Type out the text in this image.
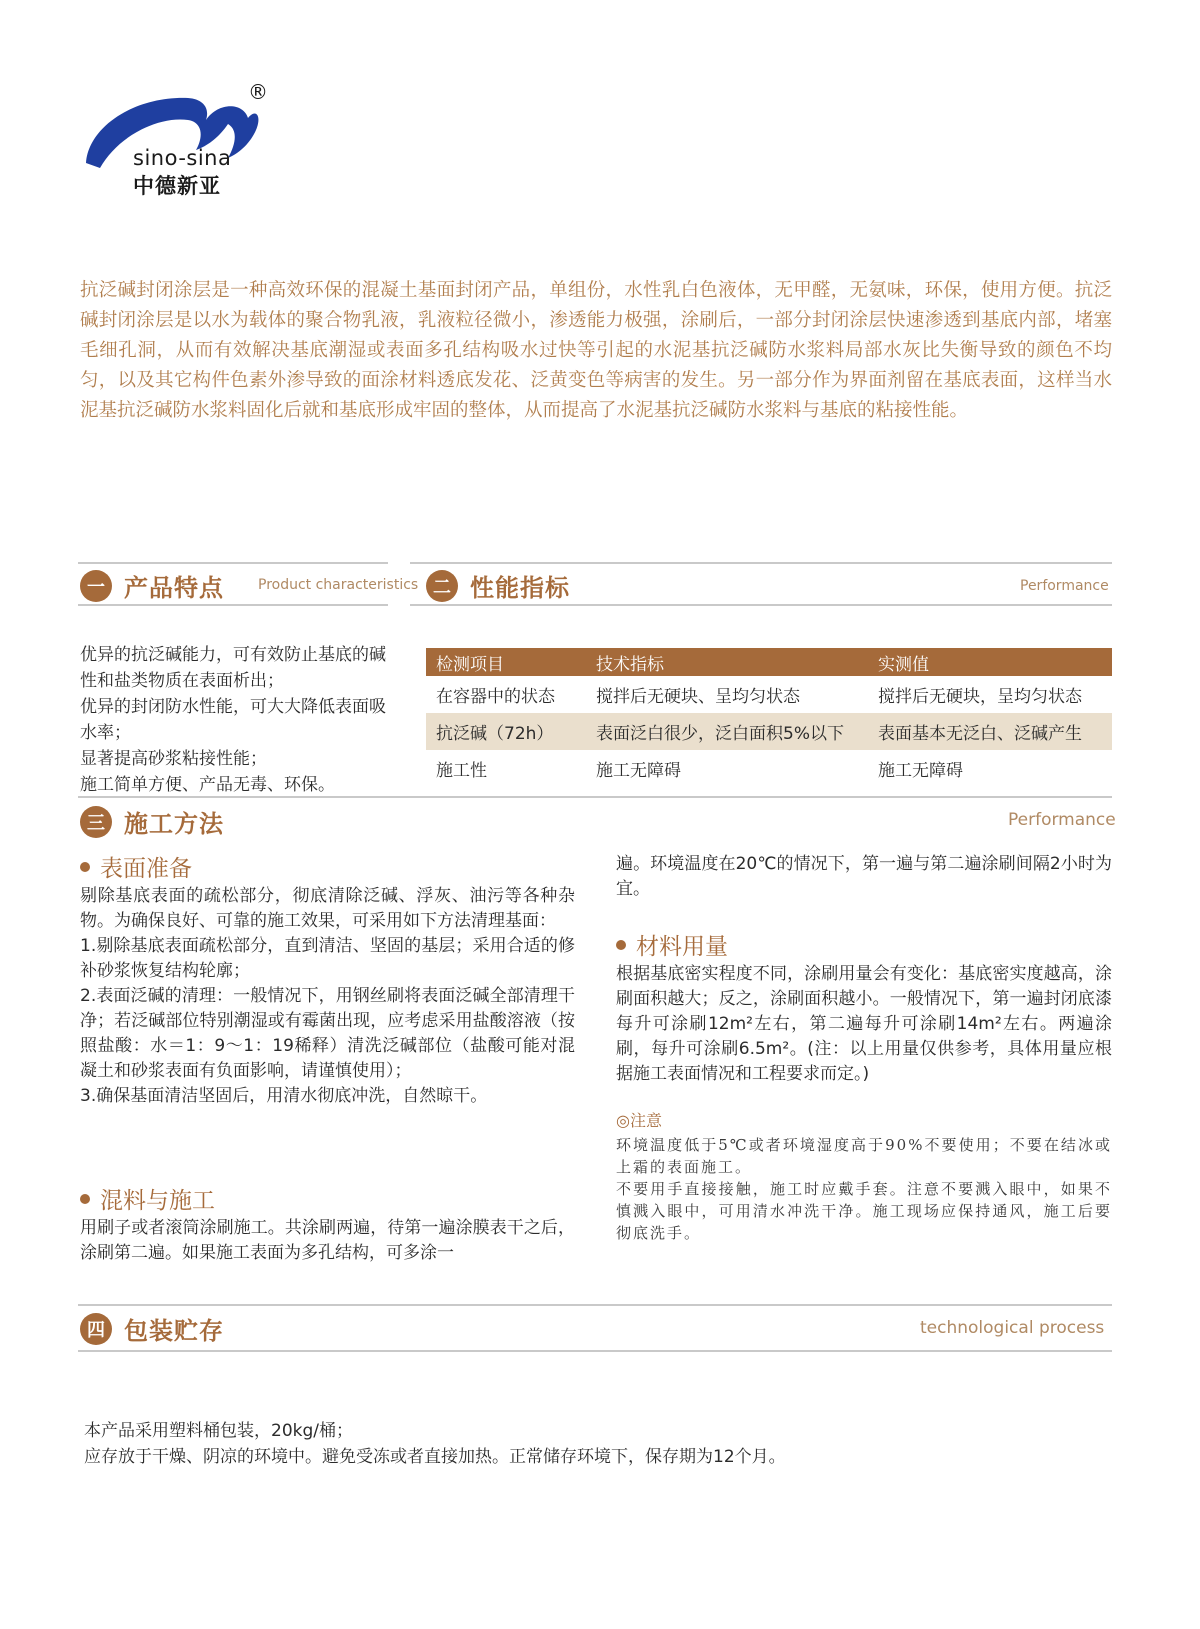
®
sino-sina
中德新亚
抗泛碱封闭涂层是一种高效环保的混凝土基面封闭产品，单组份，水性乳白色液体，无甲醛，无氨味，环保，使用方便。抗泛碱封闭涂层是以水为载体的聚合物乳液，乳液粒径微小，渗透能力极强，涂刷后，一部分封闭涂层快速渗透到基底内部，堵塞毛细孔洞，从而有效解决基底潮湿或表面多孔结构吸水过快等引起的水泥基抗泛碱防水浆料局部水灰比失衡导致的颜色不均匀，以及其它构件色素外渗导致的面涂材料透底发花、泛黄变色等病害的发生。另一部分作为界面剂留在基底表面，这样当水泥基抗泛碱防水浆料固化后就和基底形成牢固的整体，从而提高了水泥基抗泛碱防水浆料与基底的粘接性能。
一 产品特点 Product characteristics 二 性能指标	Performance
优异的抗泛碱能力，可有效防止基底的碱性和盐类物质在表面析出；
优异的封闭防水性能，可大大降低表面吸水率；
显著提高砂浆粘接性能；
施工简单方便、产品无毒、环保。
检测项目	技术指标	实测值
在容器中的状态	搅拌后无硬块、呈均匀状态	搅拌后无硬块，呈均匀状态
抗泛碱（72h）	表面泛白很少，泛白面积5%以下	表面基本无泛白、泛碱产生
施工性	施工无障碍	施工无障碍
三 施工方法	Performance
表面准备
剔除基底表面的疏松部分，彻底清除泛碱、浮灰、油污等各种杂物。为确保良好、可靠的施工效果，可采用如下方法清理基面：
1.剔除基底表面疏松部分，直到清洁、坚固的基层；采用合适的修补砂浆恢复结构轮廓；
2.表面泛碱的清理：一般情况下，用钢丝刷将表面泛碱全部清理干净；若泛碱部位特别潮湿或有霉菌出现，应考虑采用盐酸溶液（按照盐酸：水＝1：9～1：19稀释）清洗泛碱部位（盐酸可能对混凝土和砂浆表面有负面影响，请谨慎使用）；
3.确保基面清洁坚固后，用清水彻底冲洗，自然晾干。
混料与施工
用刷子或者滚筒涂刷施工。共涂刷两遍，待第一遍涂膜表干之后，涂刷第二遍。如果施工表面为多孔结构，可多涂一
遍。环境温度在20℃的情况下，第一遍与第二遍涂刷间隔2小时为宜。
材料用量
根据基底密实程度不同，涂刷用量会有变化：基底密实度越高，涂刷面积越大；反之，涂刷面积越小。一般情况下，第一遍封闭底漆每升可涂刷12m²左右，第二遍每升可涂刷14m²左右。两遍涂刷，每升可涂刷6.5m²。(注：以上用量仅供参考，具体用量应根据施工表面情况和工程要求而定。)
◎注意
环境温度低于5℃或者环境湿度高于90%不要使用；不要在结冰或上霜的表面施工。
不要用手直接接触，施工时应戴手套。注意不要溅入眼中，如果不慎溅入眼中，可用清水冲洗干净。施工现场应保持通风，施工后要彻底洗手。
四 包装贮存	technological process
本产品采用塑料桶包装，20kg/桶；
应存放于干燥、阴凉的环境中。避免受冻或者直接加热。正常储存环境下，保存期为12个月。
